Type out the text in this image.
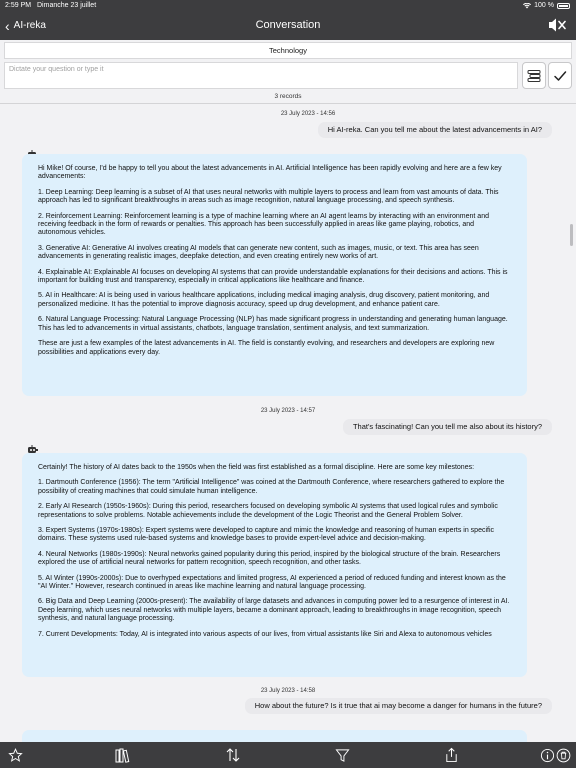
2:59 PM Dimanche 23 juillet	100 %
Conversation
‹ AI-reka
Technology
Dictate your question or type it
3 records
23 July 2023 - 14:56
Hi AI-reka. Can you tell me about the latest advancements in AI?

Hi Mike! Of course, I'd be happy to tell you about the latest advancements in AI. Artificial Intelligence has been rapidly evolving and here are a few key advancements:

1. Deep Learning: Deep learning is a subset of AI that uses neural networks with multiple layers to process and learn from vast amounts of data. This approach has led to significant breakthroughs in areas such as image recognition, natural language processing, and speech synthesis.

2. Reinforcement Learning: Reinforcement learning is a type of machine learning where an AI agent learns by interacting with an environment and receiving feedback in the form of rewards or penalties. This approach has been successfully applied in areas like game playing, robotics, and autonomous vehicles.

3. Generative AI: Generative AI involves creating AI models that can generate new content, such as images, music, or text. This area has seen advancements in generating realistic images, deepfake detection, and even creating entirely new works of art.

4. Explainable AI: Explainable AI focuses on developing AI systems that can provide understandable explanations for their decisions and actions. This is important for building trust and transparency, especially in critical applications like healthcare and finance.

5. AI in Healthcare: AI is being used in various healthcare applications, including medical imaging analysis, drug discovery, patient monitoring, and personalized medicine. It has the potential to improve diagnosis accuracy, speed up drug development, and enhance patient care.

6. Natural Language Processing: Natural Language Processing (NLP) has made significant progress in understanding and generating human language. This has led to advancements in virtual assistants, chatbots, language translation, sentiment analysis, and text summarization.

These are just a few examples of the latest advancements in AI. The field is constantly evolving, and researchers and developers are exploring new possibilities and applications every day.

23 July 2023 - 14:57
That's fascinating! Can you tell me also about its history?

Certainly! The history of AI dates back to the 1950s when the field was first established as a formal discipline. Here are some key milestones:

1. Dartmouth Conference (1956): The term "Artificial Intelligence" was coined at the Dartmouth Conference, where researchers gathered to explore the possibility of creating machines that could simulate human intelligence.

2. Early AI Research (1950s-1960s): During this period, researchers focused on developing symbolic AI systems that used logical rules and symbolic representations to solve problems. Notable achievements include the development of the Logic Theorist and the General Problem Solver.

3. Expert Systems (1970s-1980s): Expert systems were developed to capture and mimic the knowledge and reasoning of human experts in specific domains. These systems used rule-based systems and knowledge bases to provide expert-level advice and decision-making.

4. Neural Networks (1980s-1990s): Neural networks gained popularity during this period, inspired by the biological structure of the brain. Researchers explored the use of artificial neural networks for pattern recognition, speech recognition, and other tasks.

5. AI Winter (1990s-2000s): Due to overhyped expectations and limited progress, AI experienced a period of reduced funding and interest known as the "AI Winter." However, research continued in areas like machine learning and natural language processing.

6. Big Data and Deep Learning (2000s-present): The availability of large datasets and advances in computing power led to a resurgence of interest in AI. Deep learning, which uses neural networks with multiple layers, became a dominant approach, leading to breakthroughs in image recognition, speech synthesis, and natural language processing.

7. Current Developments: Today, AI is integrated into various aspects of our lives, from virtual assistants like Siri and Alexa to autonomous vehicles

23 July 2023 - 14:58
How about the future? Is it true that ai may become a danger for humans in the future?
